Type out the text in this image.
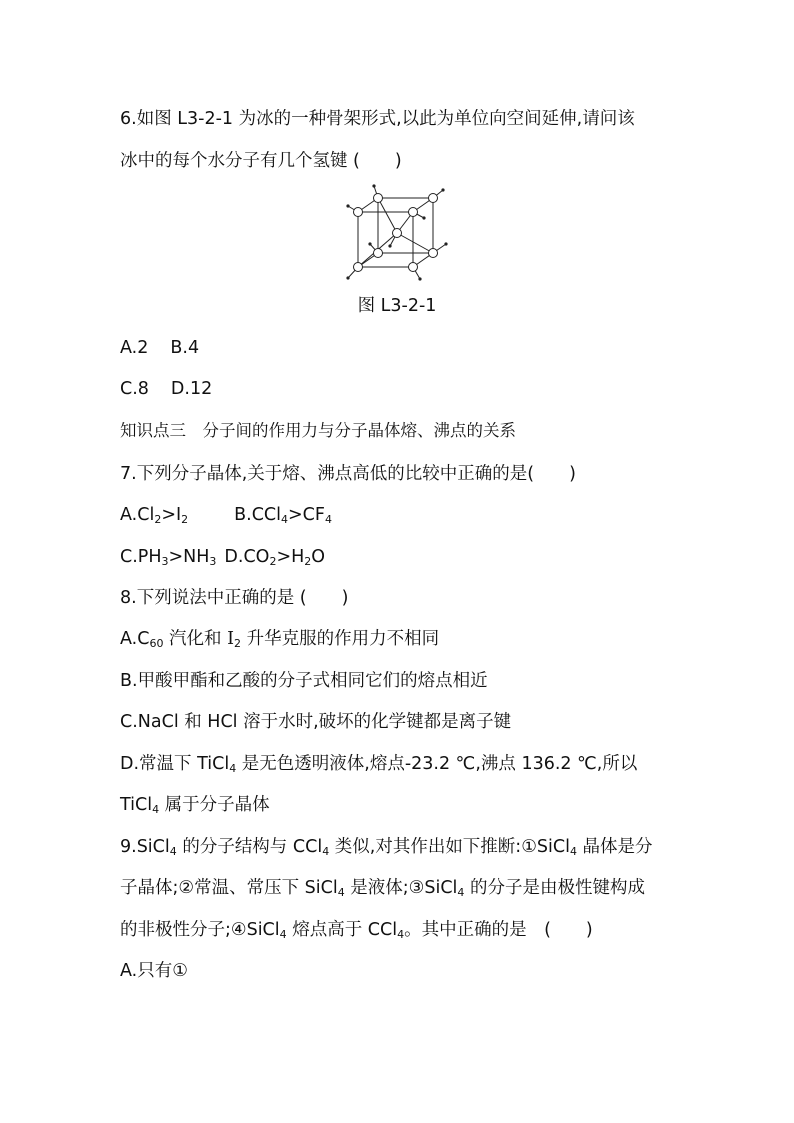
6.如图 L3-2-1 为冰的一种骨架形式,以此为单位向空间延伸,请问该
冰中的每个水分子有几个氢键 (　　)
图 L3-2-1
A.2 B.4
C.8 D.12
知识点三　分子间的作用力与分子晶体熔、沸点的关系
7.下列分子晶体,关于熔、沸点高低的比较中正确的是(　　)
$A.Cl_2>I_2$	$B.CCl_4>CF_4$
$C.PH_3>NH_3$ $D.CO_2>H_2O$
8.下列说法中正确的是 (　　)
$A.C_{60}$ 汽化和 $I_2$ 升华克服的作用力不相同
B.甲酸甲酯和乙酸的分子式相同它们的熔点相近
C.NaCl 和 HCl 溶于水时,破坏的化学键都是离子键
D.常温下 TiCl$_4$ 是无色透明液体,熔点-23.2 ℃,沸点 136.2 ℃,所以
TiCl$_4$ 属于分子晶体
9.SiCl$_4$ 的分子结构与 CCl$_4$ 类似,对其作出如下推断:①SiCl$_4$ 晶体是分
子晶体;②常温、常压下 SiCl$_4$ 是液体;③SiCl$_4$ 的分子是由极性键构成
的非极性分子;④SiCl$_4$ 熔点高于 CCl$_4$。其中正确的是　(　　)
A.只有①
